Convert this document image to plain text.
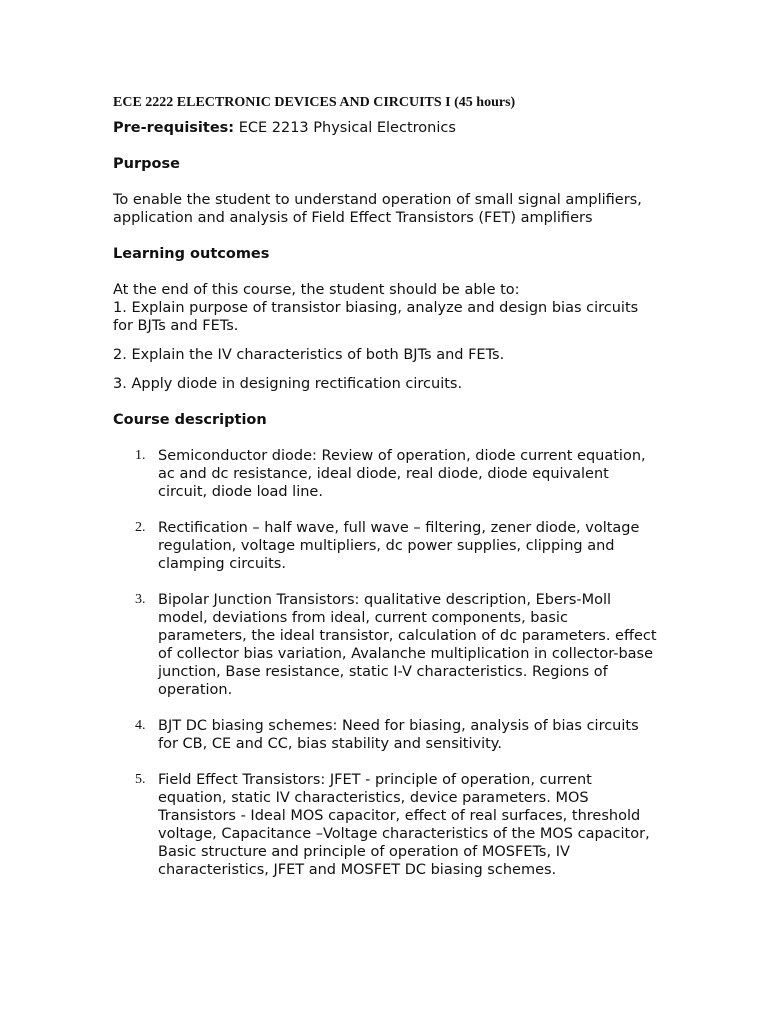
ECE 2222 ELECTRONIC DEVICES AND CIRCUITS I (45 hours)
Pre-requisites: ECE 2213 Physical Electronics
Purpose
To enable the student to understand operation of small signal amplifiers, application and analysis of Field Effect Transistors (FET) amplifiers
Learning outcomes
At the end of this course, the student should be able to:
1. Explain purpose of transistor biasing, analyze and design bias circuits for BJTs and FETs.
2. Explain the IV characteristics of both BJTs and FETs.
3. Apply diode in designing rectification circuits.
Course description
1. Semiconductor diode: Review of operation, diode current equation, ac and dc resistance, ideal diode, real diode, diode equivalent circuit, diode load line.
2. Rectification – half wave, full wave – filtering, zener diode, voltage regulation, voltage multipliers, dc power supplies, clipping and clamping circuits.
3. Bipolar Junction Transistors: qualitative description, Ebers-Moll model, deviations from ideal, current components, basic parameters, the ideal transistor, calculation of dc parameters. effect of collector bias variation, Avalanche multiplication in collector-base junction, Base resistance, static I-V characteristics. Regions of operation.
4. BJT DC biasing schemes: Need for biasing, analysis of bias circuits for CB, CE and CC, bias stability and sensitivity.
5. Field Effect Transistors: JFET - principle of operation, current equation, static IV characteristics, device parameters. MOS Transistors - Ideal MOS capacitor, effect of real surfaces, threshold voltage, Capacitance –Voltage characteristics of the MOS capacitor, Basic structure and principle of operation of MOSFETs, IV characteristics, JFET and MOSFET DC biasing schemes.
